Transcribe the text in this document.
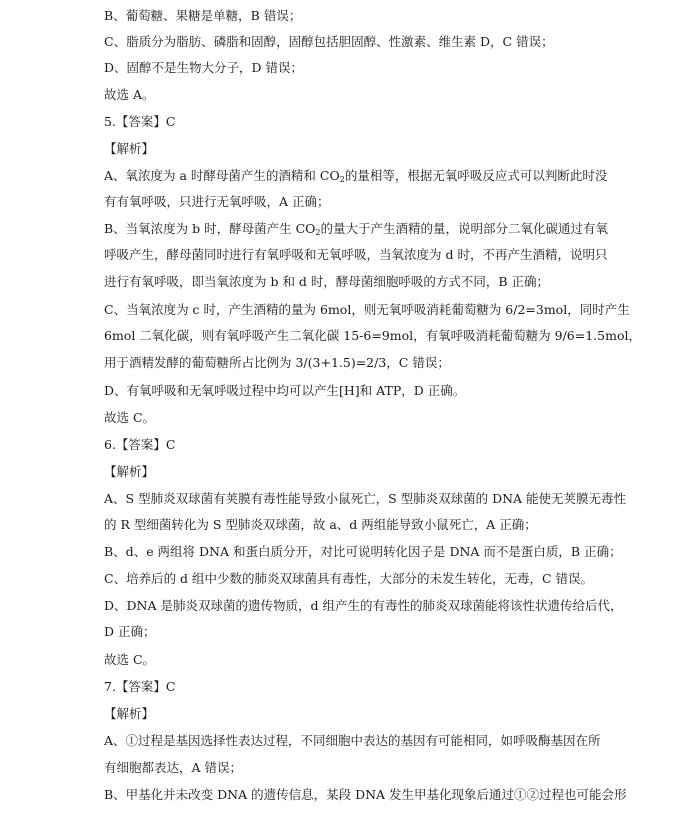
B、葡萄糖、果糖是单糖，B 错误；
C、脂质分为脂肪、磷脂和固醇，固醇包括胆固醇、性激素、维生素 D，C 错误；
D、固醇不是生物大分子，D 错误；
故选 A。
5.【答案】C
【解析】
A、氧浓度为 a 时酵母菌产生的酒精和 $CO_2$的量相等，根据无氧呼吸反应式可以判断此时没
有有氧呼吸，只进行无氧呼吸，A 正确；
B、当氧浓度为 b 时，酵母菌产生 $CO_2$的量大于产生酒精的量，说明部分二氧化碳通过有氧
呼吸产生，酵母菌同时进行有氧呼吸和无氧呼吸，当氧浓度为 d 时，不再产生酒精，说明只
进行有氧呼吸，即当氧浓度为 b 和 d 时，酵母菌细胞呼吸的方式不同，B 正确；
C、当氧浓度为 c 时，产生酒精的量为 6mol，则无氧呼吸消耗葡萄糖为 6/2=3mol，同时产生
6mol 二氧化碳，则有氧呼吸产生二氧化碳 15-6=9mol，有氧呼吸消耗葡萄糖为 9/6=1.5mol，
用于酒精发酵的葡萄糖所占比例为 3/(3+1.5)=2/3，C 错误；
D、有氧呼吸和无氧呼吸过程中均可以产生[H]和 ATP，D 正确。
故选 C。
6.【答案】C
【解析】
A、S 型肺炎双球菌有荚膜有毒性能导致小鼠死亡，S 型肺炎双球菌的 DNA 能使无荚膜无毒性
的 R 型细菌转化为 S 型肺炎双球菌，故 a、d 两组能导致小鼠死亡，A 正确；
B、d、e 两组将 DNA 和蛋白质分开，对比可说明转化因子是 DNA 而不是蛋白质，B 正确；
C、培养后的 d 组中少数的肺炎双球菌具有毒性，大部分的未发生转化，无毒，C 错误。
D、DNA 是肺炎双球菌的遗传物质，d 组产生的有毒性的肺炎双球菌能将该性状遗传给后代，
D 正确；
故选 C。
7.【答案】C
【解析】
A、①过程是基因选择性表达过程，不同细胞中表达的基因有可能相同，如呼吸酶基因在所
有细胞都表达，A 错误；
B、甲基化并未改变 DNA 的遗传信息，某段 DNA 发生甲基化现象后通过①②过程也可能会形
